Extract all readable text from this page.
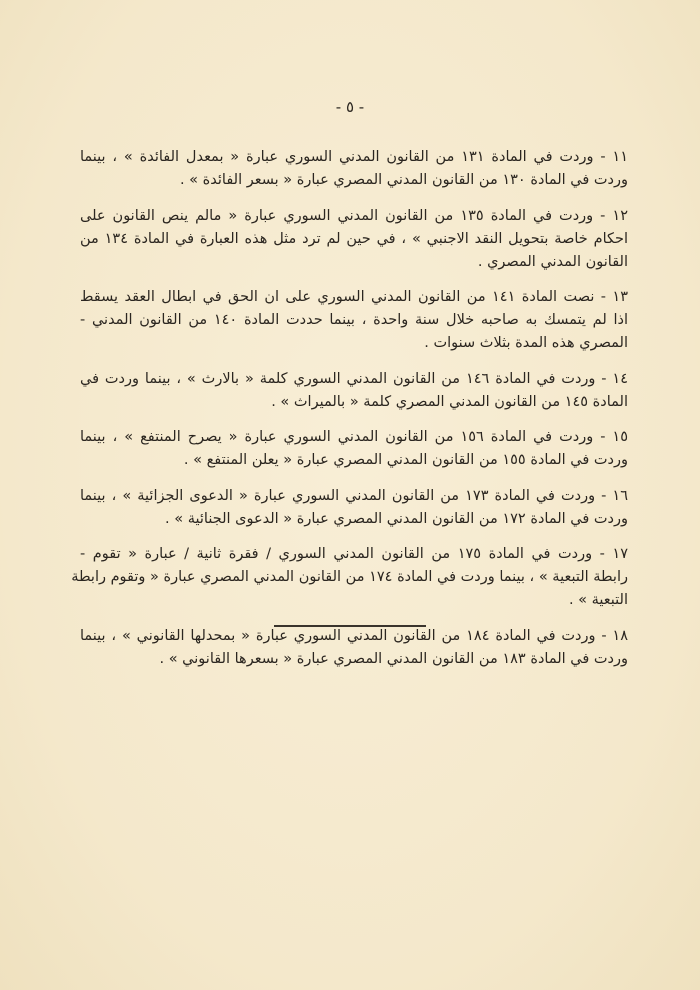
- ٥ -

١١ - وردت في المادة ١٣١ من القانون المدني السوري عبارة « بمعدل الفائدة » ، بينما
وردت في المادة ١٣٠ من القانون المدني المصري عبارة « بسعر الفائدة » .

١٢ - وردت في المادة ١٣٥ من القانون المدني السوري عبارة « مالم ينص القانون على
احكام خاصة بتحويل النقد الاجنبي » ، في حين لم ترد مثل هذه العبارة في المادة ١٣٤ من
القانون المدني المصري .

١٣ - نصت المادة ١٤١ من القانون المدني السوري على ان الحق في ابطال العقد يسقط
اذا لم يتمسك به صاحبه خلال سنة واحدة ، بينما حددت المادة ١٤٠ من القانون المدني -
المصري هذه المدة بثلاث سنوات .

١٤ - وردت في المادة ١٤٦ من القانون المدني السوري كلمة « بالارث » ، بينما وردت في
المادة ١٤٥ من القانون المدني المصري كلمة « بالميراث » .

١٥ - وردت في المادة ١٥٦ من القانون المدني السوري عبارة « يصرح المنتفع » ، بينما
وردت في المادة ١٥٥ من القانون المدني المصري عبارة « يعلن المنتفع » .

١٦ - وردت في المادة ١٧٣ من القانون المدني السوري عبارة « الدعوى الجزائية » ، بينما
وردت في المادة ١٧٢ من القانون المدني المصري عبارة « الدعوى الجنائية » .

١٧ - وردت في المادة ١٧٥ من القانون المدني السوري / فقرة ثانية / عبارة « تقوم -
رابطة التبعية » ، بينما وردت في المادة ١٧٤ من القانون المدني المصري عبارة « وتقوم رابطة
التبعية » .

١٨ - وردت في المادة ١٨٤ من القانون المدني السوري عبارة « بمحدلها القانوني » ، بينما
وردت في المادة ١٨٣ من القانون المدني المصري عبارة « بسعرها القانوني » .
